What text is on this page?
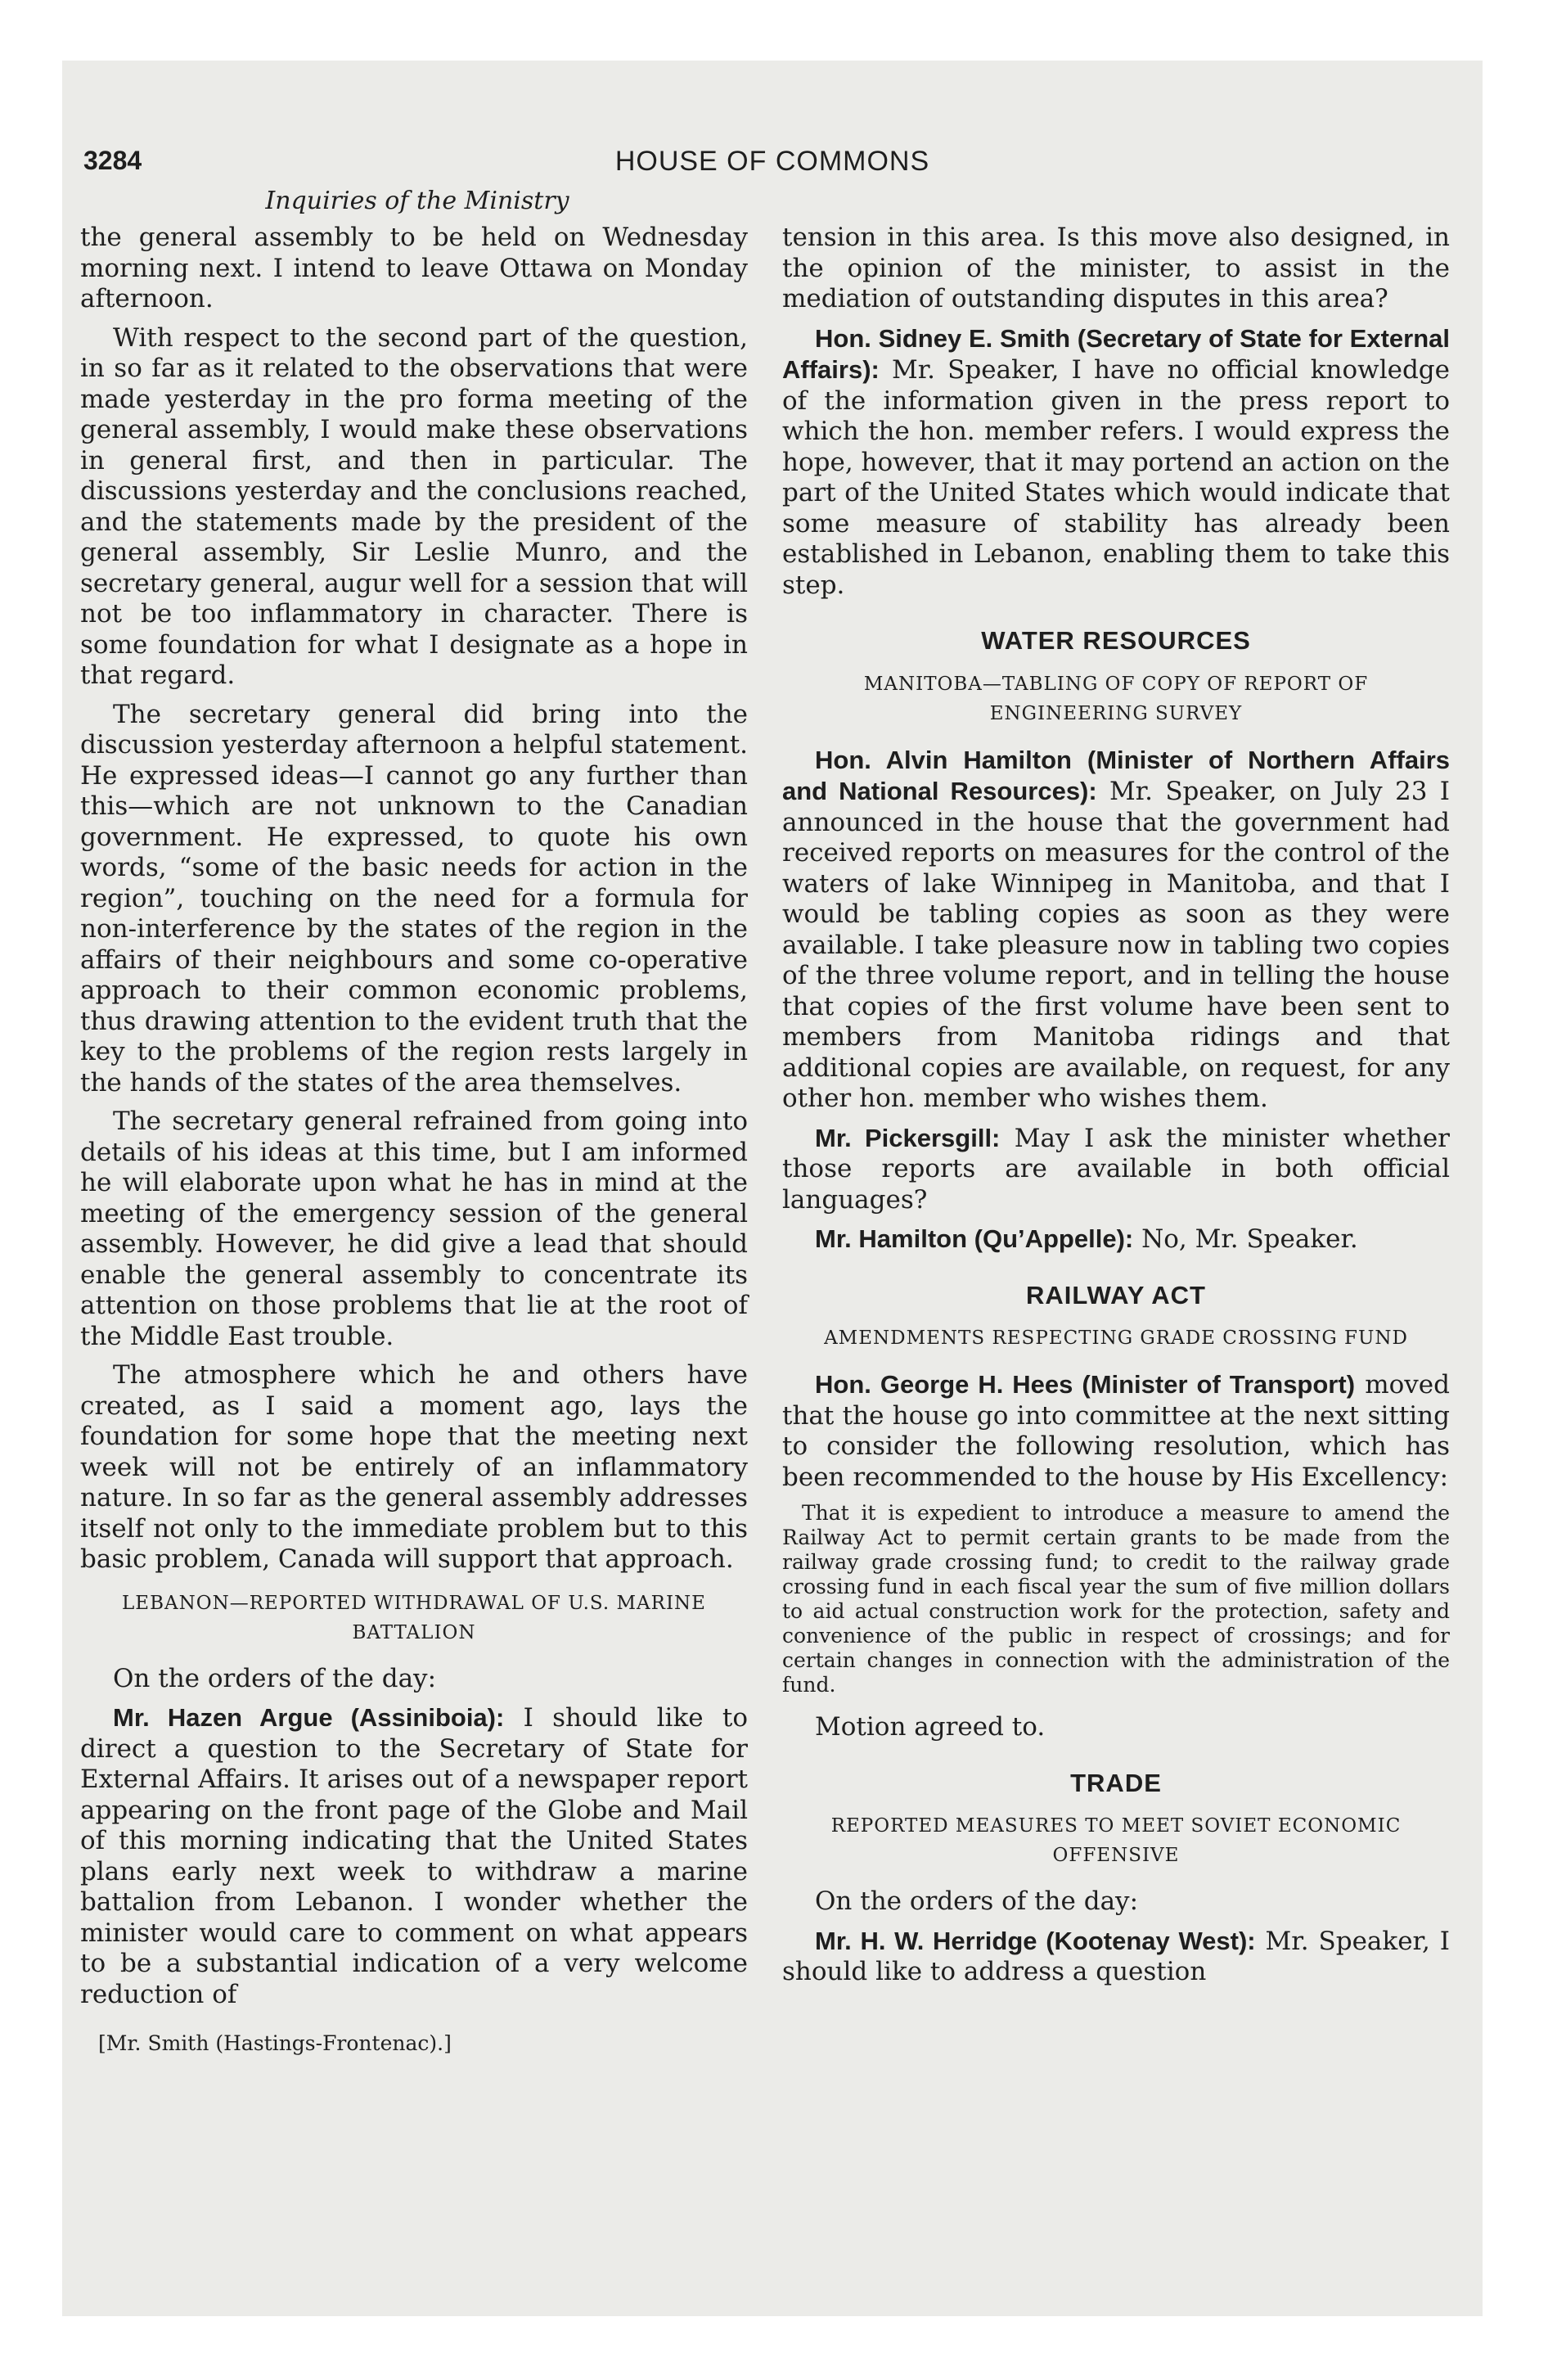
3284	HOUSE OF COMMONS
Inquiries of the Ministry

the general assembly to be held on Wednesday morning next. I intend to leave Ottawa on Monday afternoon.

With respect to the second part of the question, in so far as it related to the observations that were made yesterday in the pro forma meeting of the general assembly, I would make these observations in general first, and then in particular. The discussions yesterday and the conclusions reached, and the statements made by the president of the general assembly, Sir Leslie Munro, and the secretary general, augur well for a session that will not be too inflammatory in character. There is some foundation for what I designate as a hope in that regard.

The secretary general did bring into the discussion yesterday afternoon a helpful statement. He expressed ideas—I cannot go any further than this—which are not unknown to the Canadian government. He expressed, to quote his own words, “some of the basic needs for action in the region”, touching on the need for a formula for non-interference by the states of the region in the affairs of their neighbours and some co-operative approach to their common economic problems, thus drawing attention to the evident truth that the key to the problems of the region rests largely in the hands of the states of the area themselves.

The secretary general refrained from going into details of his ideas at this time, but I am informed he will elaborate upon what he has in mind at the meeting of the emergency session of the general assembly. However, he did give a lead that should enable the general assembly to concentrate its attention on those problems that lie at the root of the Middle East trouble.

The atmosphere which he and others have created, as I said a moment ago, lays the foundation for some hope that the meeting next week will not be entirely of an inflammatory nature. In so far as the general assembly addresses itself not only to the immediate problem but to this basic problem, Canada will support that approach.

LEBANON—REPORTED WITHDRAWAL OF U.S. MARINE BATTALION

On the orders of the day:

Mr. Hazen Argue (Assiniboia): I should like to direct a question to the Secretary of State for External Affairs. It arises out of a newspaper report appearing on the front page of the Globe and Mail of this morning indicating that the United States plans early next week to withdraw a marine battalion from Lebanon. I wonder whether the minister would care to comment on what appears to be a substantial indication of a very welcome reduction of

[Mr. Smith (Hastings-Frontenac).]

tension in this area. Is this move also designed, in the opinion of the minister, to assist in the mediation of outstanding disputes in this area?

Hon. Sidney E. Smith (Secretary of State for External Affairs): Mr. Speaker, I have no official knowledge of the information given in the press report to which the hon. member refers. I would express the hope, however, that it may portend an action on the part of the United States which would indicate that some measure of stability has already been established in Lebanon, enabling them to take this step.

WATER RESOURCES

MANITOBA—TABLING OF COPY OF REPORT OF ENGINEERING SURVEY

Hon. Alvin Hamilton (Minister of Northern Affairs and National Resources): Mr. Speaker, on July 23 I announced in the house that the government had received reports on measures for the control of the waters of lake Winnipeg in Manitoba, and that I would be tabling copies as soon as they were available. I take pleasure now in tabling two copies of the three volume report, and in telling the house that copies of the first volume have been sent to members from Manitoba ridings and that additional copies are available, on request, for any other hon. member who wishes them.

Mr. Pickersgill: May I ask the minister whether those reports are available in both official languages?

Mr. Hamilton (Qu’Appelle): No, Mr. Speaker.

RAILWAY ACT

AMENDMENTS RESPECTING GRADE CROSSING FUND

Hon. George H. Hees (Minister of Transport) moved that the house go into committee at the next sitting to consider the following resolution, which has been recommended to the house by His Excellency:

That it is expedient to introduce a measure to amend the Railway Act to permit certain grants to be made from the railway grade crossing fund; to credit to the railway grade crossing fund in each fiscal year the sum of five million dollars to aid actual construction work for the protection, safety and convenience of the public in respect of crossings; and for certain changes in connection with the administration of the fund.

Motion agreed to.

TRADE

REPORTED MEASURES TO MEET SOVIET ECONOMIC OFFENSIVE

On the orders of the day:

Mr. H. W. Herridge (Kootenay West): Mr. Speaker, I should like to address a question
